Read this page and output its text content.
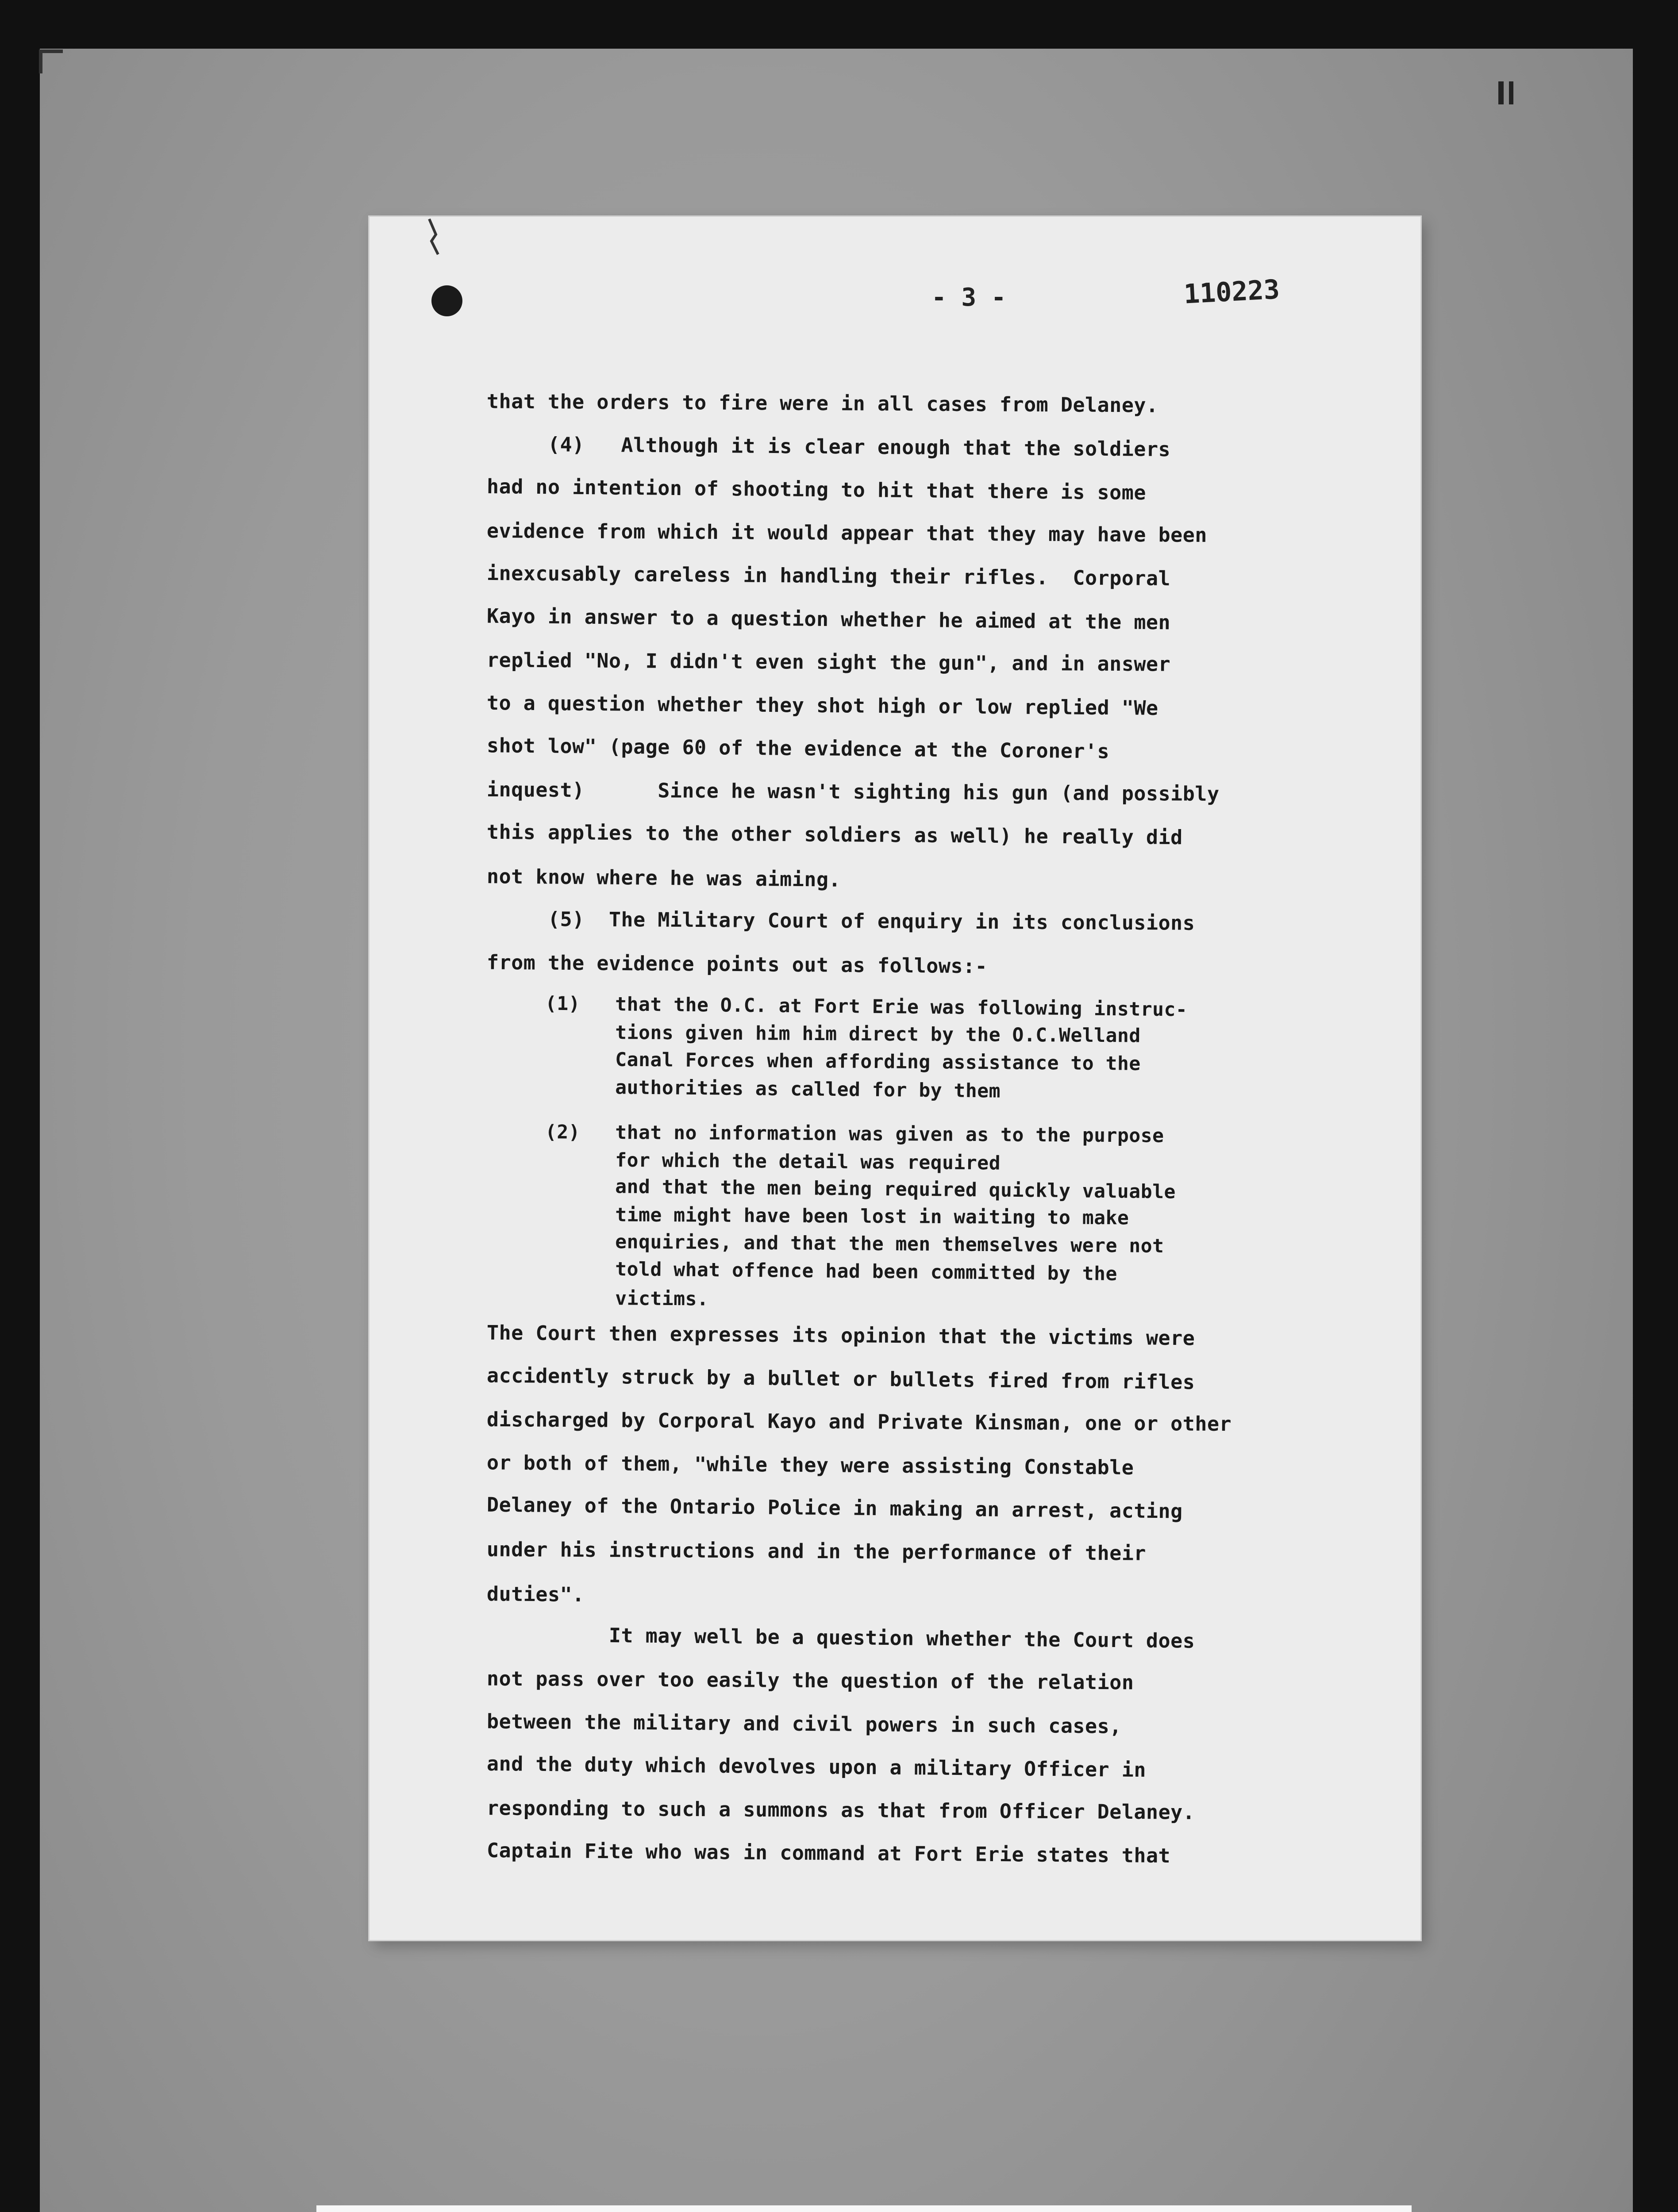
- 3 -	110223
that the orders to fire were in all cases from Delaney.
(4)   Although it is clear enough that the soldiers
had no intention of shooting to hit that there is some
evidence from which it would appear that they may have been
inexcusably careless in handling their rifles.  Corporal
Kayo in answer to a question whether he aimed at the men
replied "No, I didn't even sight the gun", and in answer
to a question whether they shot high or low replied "We
shot low" (page 60 of the evidence at the Coroner's
inquest)      Since he wasn't sighting his gun (and possibly
this applies to the other soldiers as well) he really did
not know where he was aiming.
(5)  The Military Court of enquiry in its conclusions
from the evidence points out as follows:-
(1)   that the O.C. at Fort Erie was following instruc-
tions given him him direct by the O.C.Welland
Canal Forces when affording assistance to the
authorities as called for by them
(2)   that no information was given as to the purpose
for which the detail was required
and that the men being required quickly valuable
time might have been lost in waiting to make
enquiries, and that the men themselves were not
told what offence had been committed by the
victims.
The Court then expresses its opinion that the victims were
accidently struck by a bullet or bullets fired from rifles
discharged by Corporal Kayo and Private Kinsman, one or other
or both of them, "while they were assisting Constable
Delaney of the Ontario Police in making an arrest, acting
under his instructions and in the performance of their
duties".
It may well be a question whether the Court does
not pass over too easily the question of the relation
between the military and civil powers in such cases,
and the duty which devolves upon a military Officer in
responding to such a summons as that from Officer Delaney.
Captain Fite who was in command at Fort Erie states that
